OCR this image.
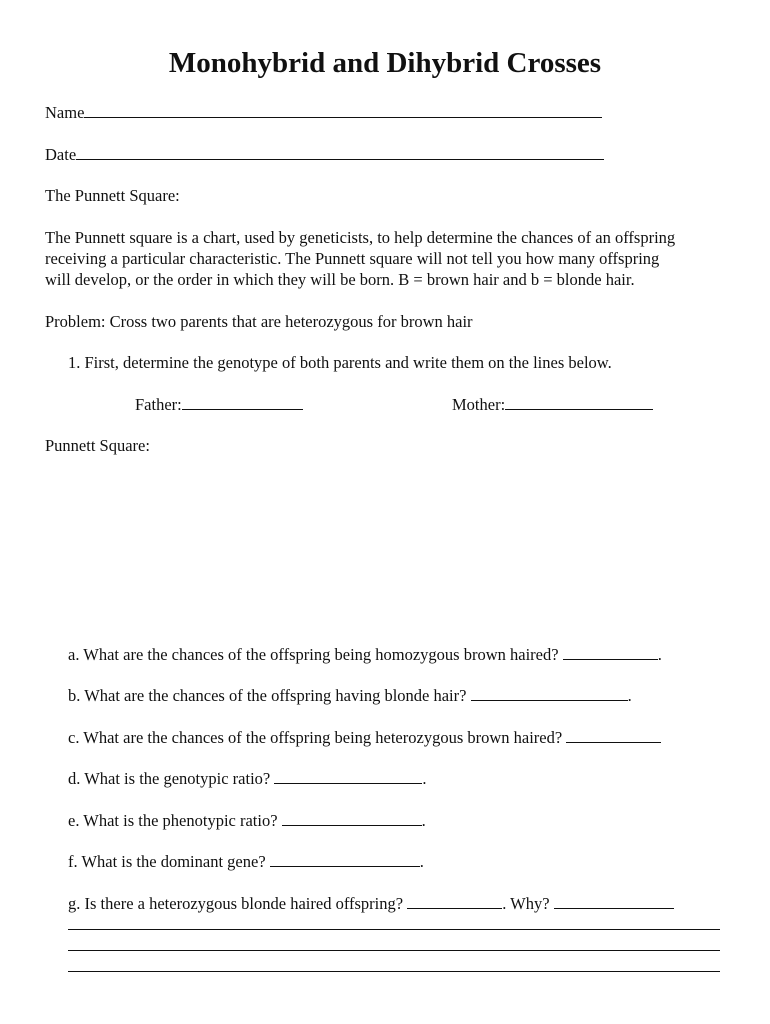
Monohybrid and Dihybrid Crosses
Name
Date
The Punnett Square:
The Punnett square is a chart, used by geneticists, to help determine the chances of an offspring
receiving a particular characteristic. The Punnett square will not tell you how many offspring
will develop, or the order in which they will be born. B = brown hair and b = blonde hair.
Problem: Cross two parents that are heterozygous for brown hair
1. First, determine the genotype of both parents and write them on the lines below.
Father:	Mother:
Punnett Square:
a. What are the chances of the offspring being homozygous brown haired?	.
b. What are the chances of the offspring having blonde hair?	.
c. What are the chances of the offspring being heterozygous brown haired?
d. What is the genotypic ratio?	.
e. What is the phenotypic ratio?	.
f. What is the dominant gene?	.
g. Is there a heterozygous blonde haired offspring?	. Why?
